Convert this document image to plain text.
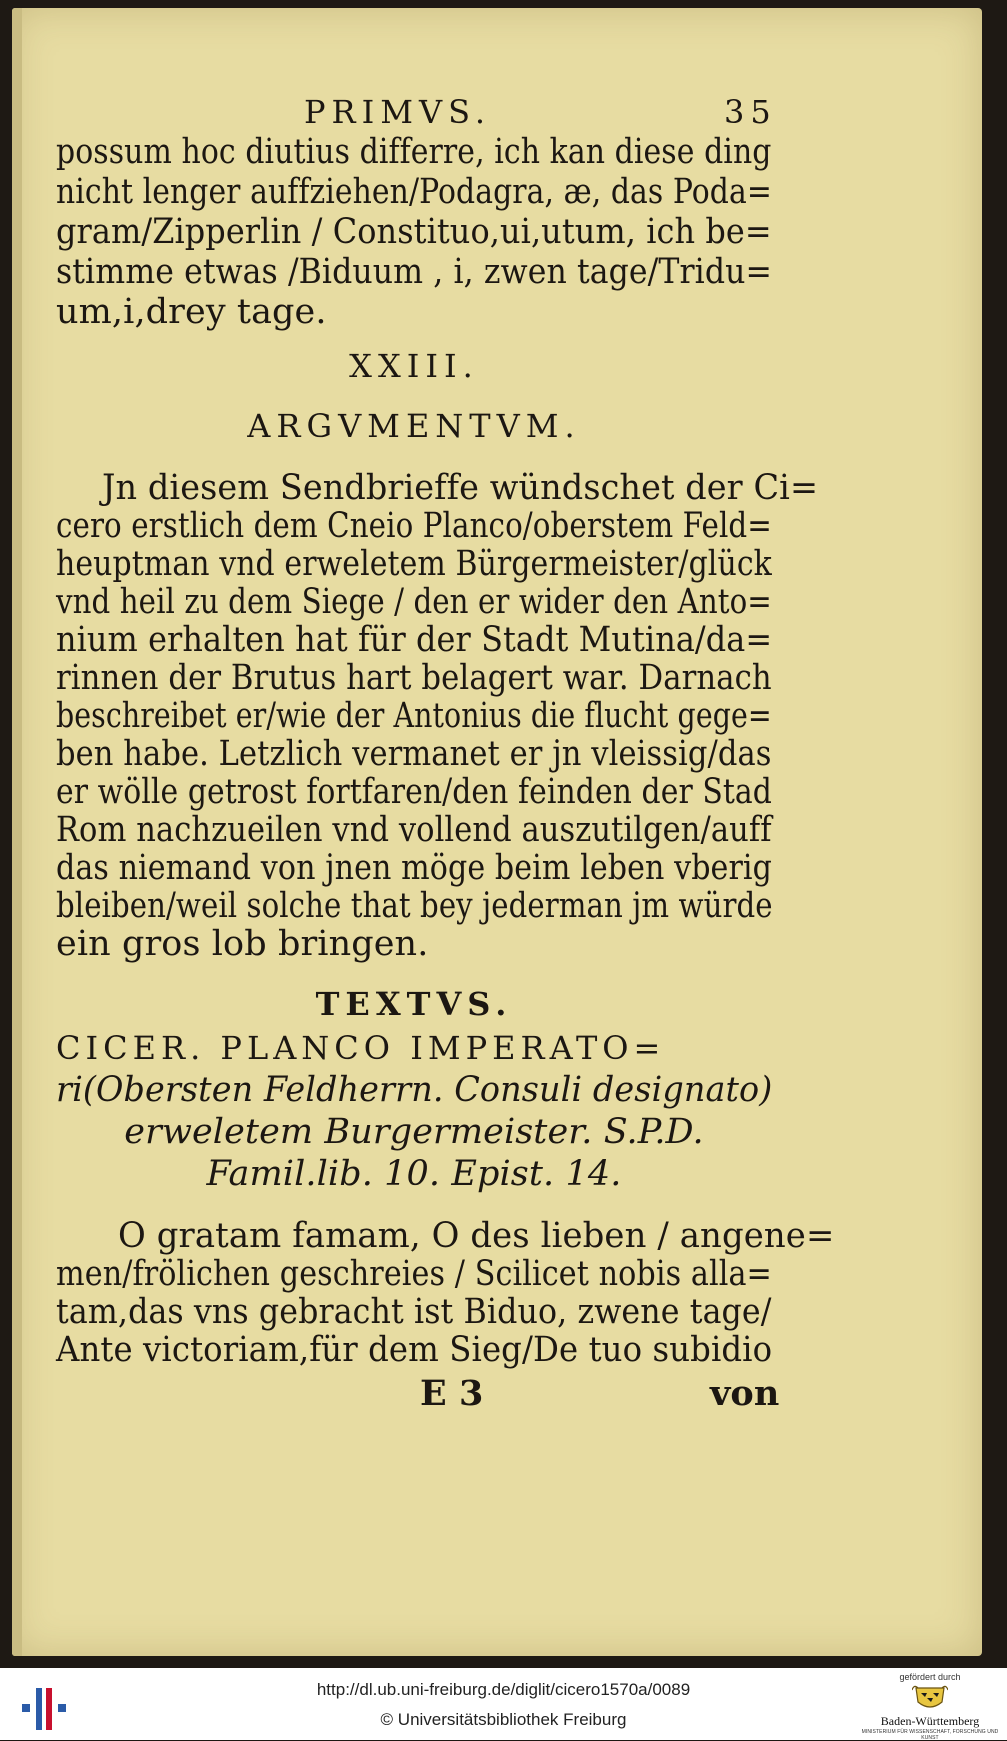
PRIMVS.	35
possum hoc diutius differre, ich kan diese ding
nicht lenger auffziehen/Podagra, æ, das Poda=
gram/Zipperlin / Constituo,ui,utum, ich be=
stimme etwas /Biduum , i, zwen tage/Tridu=
um,i,drey tage.
XXIII.
ARGVMENTVM.
Jn diesem Sendbrieffe wündschet der Ci=
cero erstlich dem Cneio Planco/oberstem Feld=
heuptman vnd erweletem Bürgermeister/glück
vnd heil zu dem Siege / den er wider den Anto=
nium erhalten hat für der Stadt Mutina/da=
rinnen der Brutus hart belagert war. Darnach
beschreibet er/wie der Antonius die flucht gege=
ben habe. Letzlich vermanet er jn vleissig/das
er wölle getrost fortfaren/den feinden der Stad
Rom nachzueilen vnd vollend auszutilgen/auff
das niemand von jnen möge beim leben vberig
bleiben/weil solche that bey jederman jm würde
ein gros lob bringen.
TEXTVS.
CICER. PLANCO IMPERATO=
ri(Obersten Feldherrn. Consuli designato)
erweletem Burgermeister. S.P.D.
Famil.lib. 10. Epist. 14.
O gratam famam, O des lieben / angene=
men/frölichen geschreies / Scilicet nobis alla=
tam,das vns gebracht ist Biduo, zwene tage/
Ante victoriam,für dem Sieg/De tuo subidio
E 3	von
http://dl.ub.uni-freiburg.de/diglit/cicero1570a/0089
© Universitätsbibliothek Freiburg
gefördert durch
Baden-Württemberg
MINISTERIUM FÜR WISSENSCHAFT, FORSCHUNG UND KUNST
